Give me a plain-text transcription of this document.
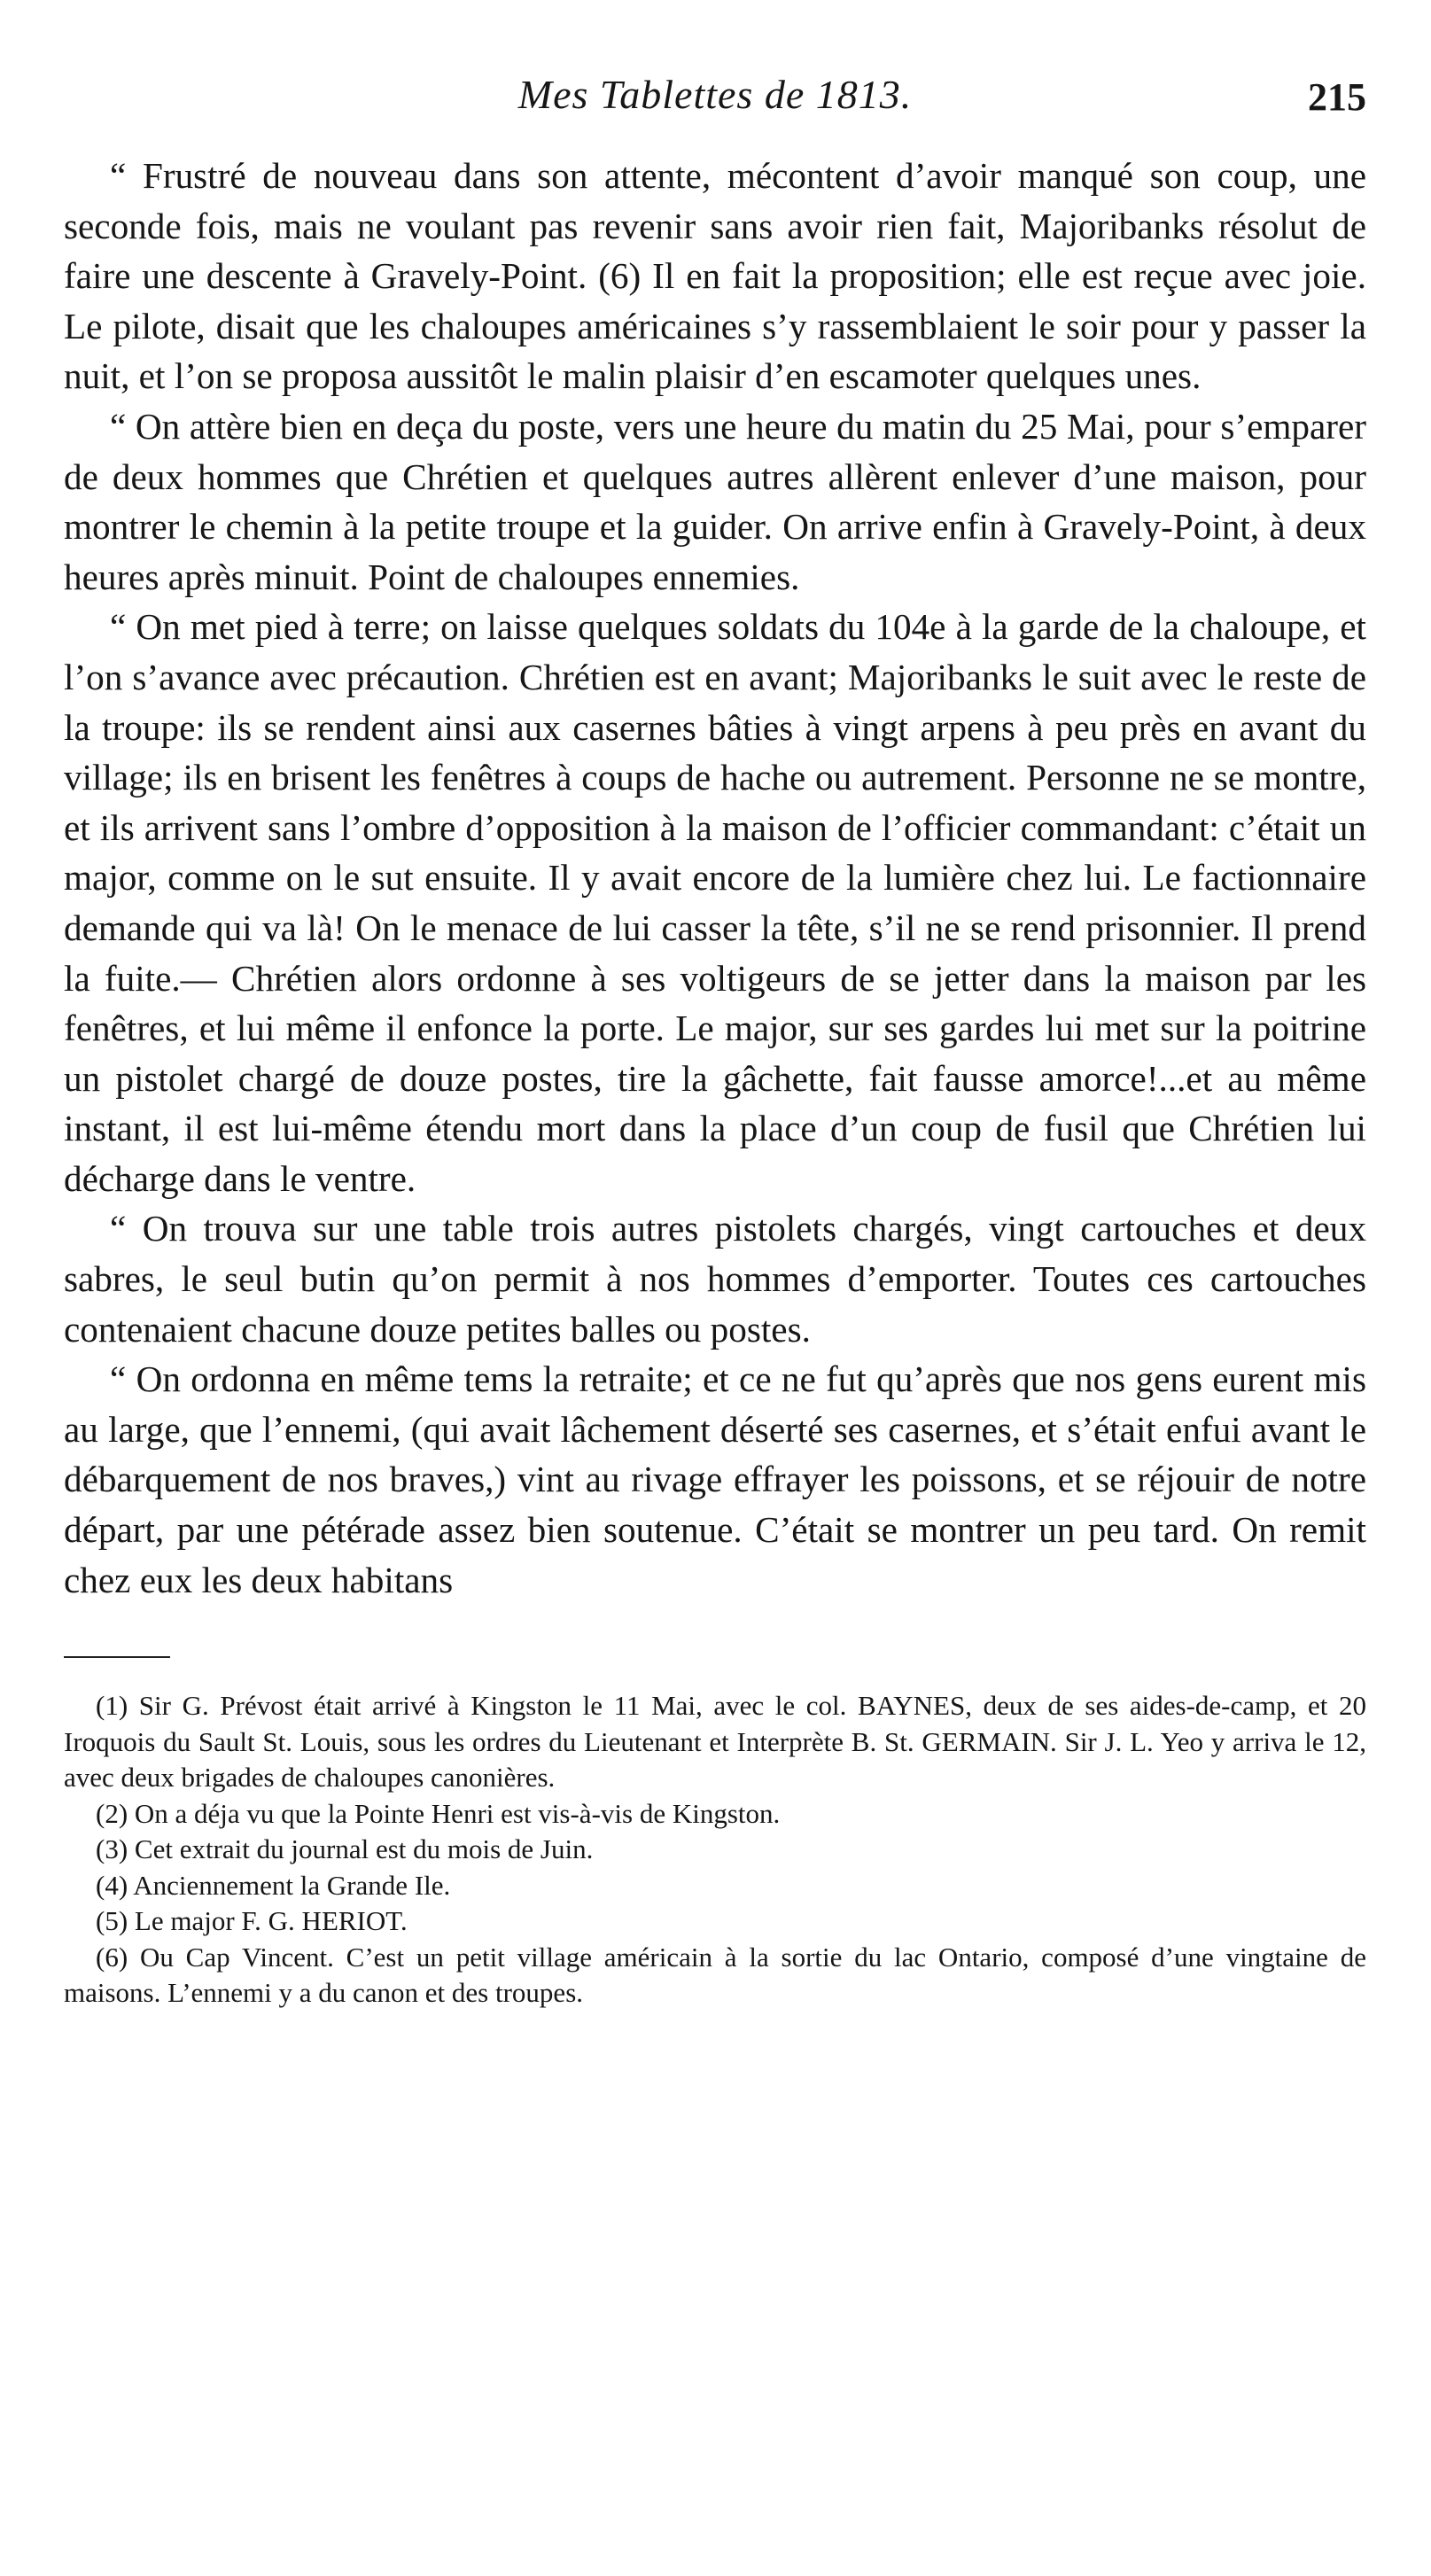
Mes Tablettes de 1813.	215

“ Frustré de nouveau dans son attente, mécontent d’avoir manqué son coup, une seconde fois, mais ne voulant pas revenir sans avoir rien fait, Majoribanks résolut de faire une descente à Gravely-Point. (6) Il en fait la proposition; elle est reçue avec joie. Le pilote, disait que les chaloupes américaines s’y rassemblaient le soir pour y passer la nuit, et l’on se proposa aussitôt le malin plaisir d’en escamoter quelques unes.

“ On attère bien en deça du poste, vers une heure du matin du 25 Mai, pour s’emparer de deux hommes que Chrétien et quelques autres allèrent enlever d’une maison, pour montrer le chemin à la petite troupe et la guider. On arrive enfin à Gravely-Point, à deux heures après minuit. Point de chaloupes ennemies.

“ On met pied à terre; on laisse quelques soldats du 104e à la garde de la chaloupe, et l’on s’avance avec précaution. Chrétien est en avant; Majoribanks le suit avec le reste de la troupe: ils se rendent ainsi aux casernes bâties à vingt arpens à peu près en avant du village; ils en brisent les fenêtres à coups de hache ou autrement. Personne ne se montre, et ils arrivent sans l’ombre d’opposition à la maison de l’officier commandant: c’était un major, comme on le sut ensuite. Il y avait encore de la lumière chez lui. Le factionnaire demande qui va là! On le menace de lui casser la tête, s’il ne se rend prisonnier. Il prend la fuite.— Chrétien alors ordonne à ses voltigeurs de se jetter dans la maison par les fenêtres, et lui même il enfonce la porte. Le major, sur ses gardes lui met sur la poitrine un pistolet chargé de douze postes, tire la gâchette, fait fausse amorce!...et au même instant, il est lui-même étendu mort dans la place d’un coup de fusil que Chrétien lui décharge dans le ventre.

“ On trouva sur une table trois autres pistolets chargés, vingt cartouches et deux sabres, le seul butin qu’on permit à nos hommes d’emporter. Toutes ces cartouches contenaient chacune douze petites balles ou postes.

“ On ordonna en même tems la retraite; et ce ne fut qu’après que nos gens eurent mis au large, que l’ennemi, (qui avait lâchement déserté ses casernes, et s’était enfui avant le débarquement de nos braves,) vint au rivage effrayer les poissons, et se réjouir de notre départ, par une pétérade assez bien soutenue. C’était se montrer un peu tard. On remit chez eux les deux habitans

(1) Sir G. Prévost était arrivé à Kingston le 11 Mai, avec le col. BAYNES, deux de ses aides-de-camp, et 20 Iroquois du Sault St. Louis, sous les ordres du Lieutenant et Interprète B. St. GERMAIN. Sir J. L. Yeo y arriva le 12, avec deux brigades de chaloupes canonières.

(2) On a déja vu que la Pointe Henri est vis-à-vis de Kingston.

(3) Cet extrait du journal est du mois de Juin.

(4) Anciennement la Grande Ile.

(5) Le major F. G. HERIOT.

(6) Ou Cap Vincent. C’est un petit village américain à la sortie du lac Ontario, composé d’une vingtaine de maisons. L’ennemi y a du canon et des troupes.
